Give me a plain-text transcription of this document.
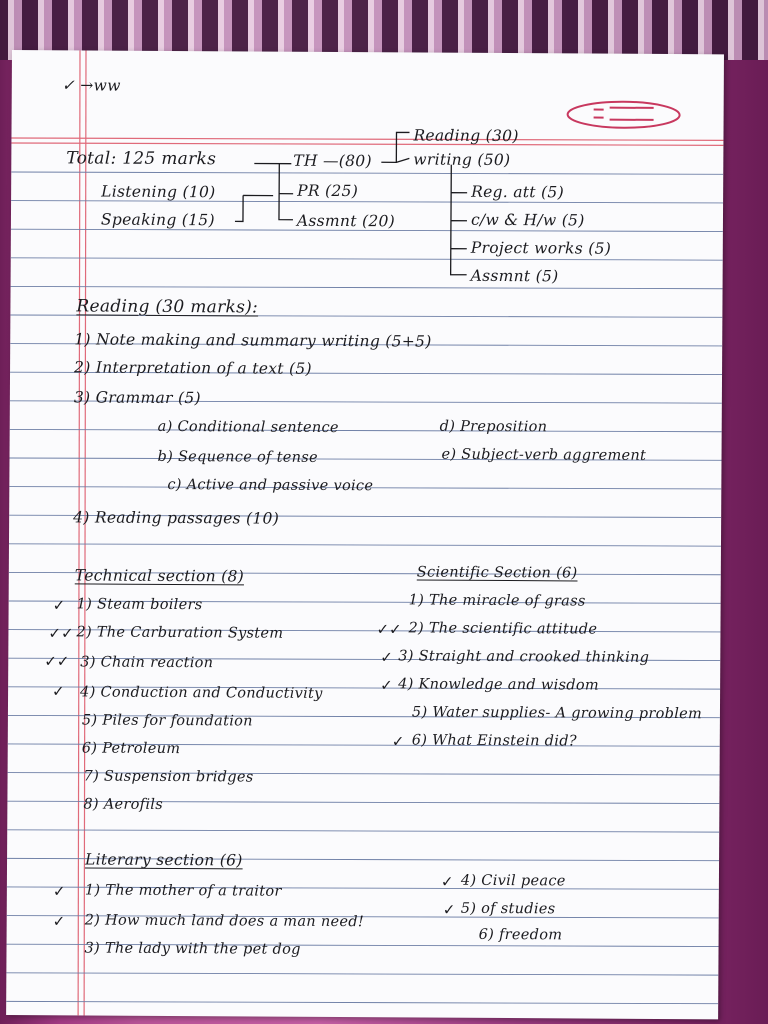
✓ →ww
Total: 125 marks	TH —(80)
Reading (30)
writing (50)
PR (25)
Listening (10)
Speaking (15)	Assmnt (20)
Reg. att (5)
c/w & H/w (5)
Project works (5)
Assmnt (5)
Reading (30 marks):
1) Note making and summary writing (5+5)
2) Interpretation of a text (5)
3) Grammar (5)
a) Conditional sentence
b) Sequence of tense
c) Active and passive voice
d) Preposition
e) Subject-verb aggrement
4) Reading passages (10)
Technical section (8)
✓ 1) Steam boilers
✓✓ 2) The Carburation System
✓✓ 3) Chain reaction
✓ 4) Conduction and Conductivity
5) Piles for foundation
6) Petroleum
7) Suspension bridges
8) Aerofils
Scientific Section (6)
1) The miracle of grass
✓✓ 2) The scientific attitude
✓ 3) Straight and crooked thinking
✓ 4) Knowledge and wisdom
5) Water supplies- A growing problem
✓ 6) What Einstein did?
Literary section (6)
✓ 1) The mother of a traitor
✓ 2) How much land does a man need!
3) The lady with the pet dog
✓ 4) Civil peace
✓ 5) of studies
6) freedom
